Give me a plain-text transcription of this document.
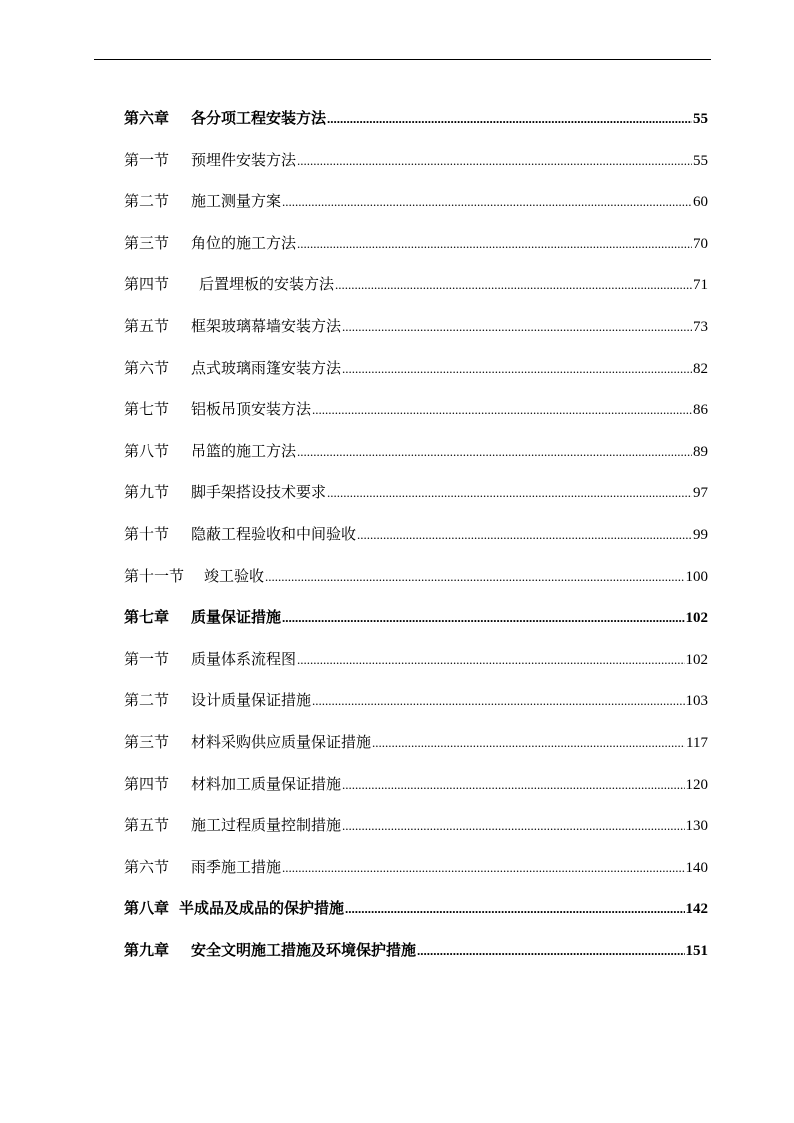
第六章 各分项工程安装方法 .....	55
第一节 预埋件安装方法 .....	55
第二节 施工测量方案 .....	60
第三节 角位的施工方法 .....	70
第四节 后置埋板的安装方法 .....	71
第五节 框架玻璃幕墙安装方法 .....	73
第六节 点式玻璃雨篷安装方法 .....	82
第七节 铝板吊顶安装方法 .....	86
第八节 吊篮的施工方法 .....	89
第九节 脚手架搭设技术要求 .....	97
第十节 隐蔽工程验收和中间验收 .....	99
第十一节 竣工验收 .....	100
第七章 质量保证措施 .....	102
第一节 质量体系流程图 .....	102
第二节 设计质量保证措施 .....	103
第三节 材料采购供应质量保证措施 .....	117
第四节 材料加工质量保证措施 .....	120
第五节 施工过程质量控制措施 .....	130
第六节 雨季施工措施 .....	140
第八章 半成品及成品的保护措施 .....	142
第九章 安全文明施工措施及环境保护措施 .....	151
